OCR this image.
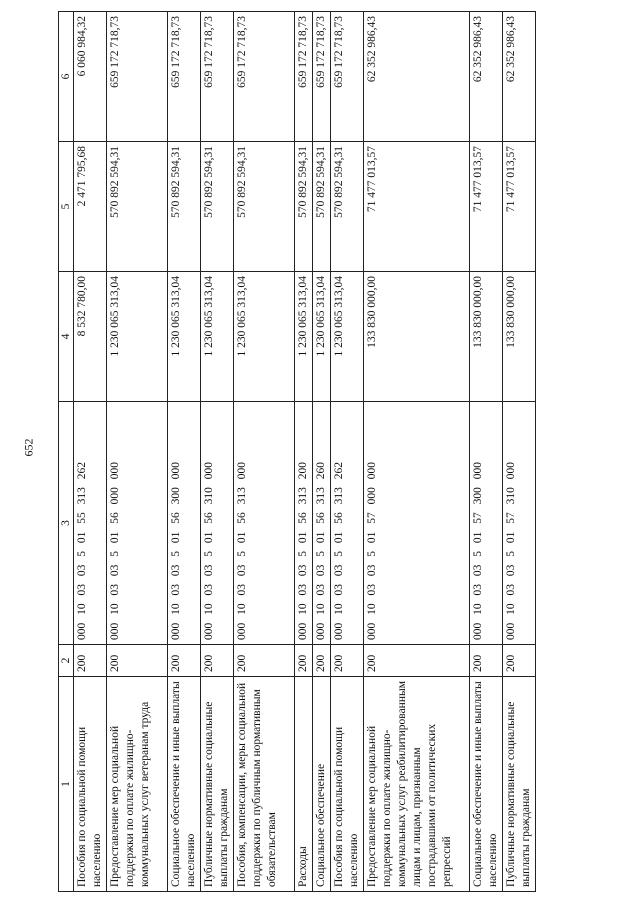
652
1	2	3	4	5	6
Пособия по социальной помощи населению	200	000 10 03 03 5 01 55 313 262	8 532 780,00	2 471 795,68	6 060 984,32
Предоставление мер социальной поддержки по оплате жилищно-коммунальных услуг ветеранам труда	200	000 10 03 03 5 01 56 000 000	1 230 065 313,04	570 892 594,31	659 172 718,73
Социальное обеспечение и иные выплаты населению	200	000 10 03 03 5 01 56 300 000	1 230 065 313,04	570 892 594,31	659 172 718,73
Публичные нормативные социальные выплаты гражданам	200	000 10 03 03 5 01 56 310 000	1 230 065 313,04	570 892 594,31	659 172 718,73
Пособия, компенсации, меры социальной поддержки по публичным нормативным обязательствам	200	000 10 03 03 5 01 56 313 000	1 230 065 313,04	570 892 594,31	659 172 718,73
Расходы	200	000 10 03 03 5 01 56 313 200	1 230 065 313,04	570 892 594,31	659 172 718,73
Социальное обеспечение	200	000 10 03 03 5 01 56 313 260	1 230 065 313,04	570 892 594,31	659 172 718,73
Пособия по социальной помощи населению	200	000 10 03 03 5 01 56 313 262	1 230 065 313,04	570 892 594,31	659 172 718,73
Предоставление мер социальной поддержки по оплате жилищно-коммунальных услуг реабилитированным лицам и лицам, признанным пострадавшими от политических репрессий	200	000 10 03 03 5 01 57 000 000	133 830 000,00	71 477 013,57	62 352 986,43
Социальное обеспечение и иные выплаты населению	200	000 10 03 03 5 01 57 300 000	133 830 000,00	71 477 013,57	62 352 986,43
Публичные нормативные социальные выплаты гражданам	200	000 10 03 03 5 01 57 310 000	133 830 000,00	71 477 013,57	62 352 986,43
